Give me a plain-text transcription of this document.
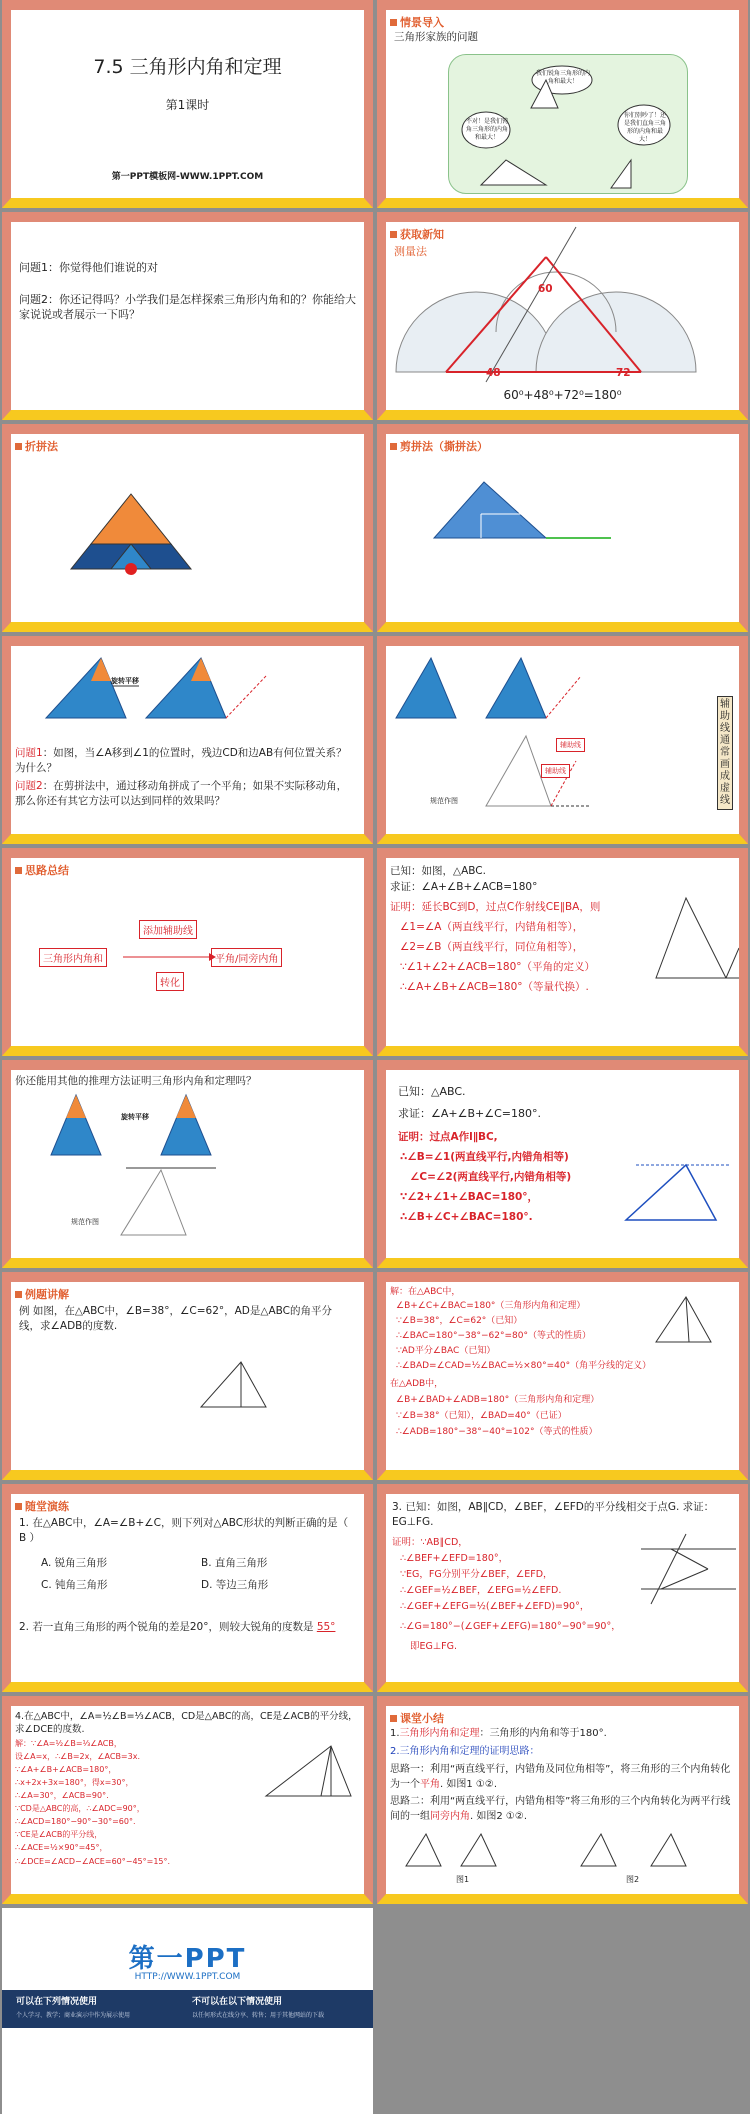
7.5 三角形内角和定理
第1课时
第一PPT模板网-WWW.1PPT.COM
情景导入
三角形家族的问题
我们锐角三角形的内角和最大！
不对！是我们钝角三角形的内角和最大！
你们别吵了！还是我们直角三角形的内角和最大！
问题1：你觉得他们谁说的对
问题2：你还记得吗？小学我们是怎样探索三角形内角和的？你能给大家说说或者展示一下吗？
获取新知
测量法
60
48	72
60⁰+48⁰+72⁰=180⁰
折拼法	剪拼法（撕拼法）
旋转平移
问题1：如图，当∠A移到∠1的位置时，残边CD和边AB有何位置关系？为什么？
问题2：在剪拼法中，通过移动角拼成了一个平角；如果不实际移动角，那么你还有其它方法可以达到同样的效果吗？
辅助线通常画成虚线
辅助线
辅助线
规范作图
思路总结
三角形内角和
添加辅助线
转化
平角/同旁内角
已知：如图，△ABC.
求证：∠A+∠B+∠ACB=180°
证明：延长BC到D，过点C作射线CE∥BA，则
∠1=∠A（两直线平行，内错角相等），
∠2=∠B（两直线平行，同位角相等），
∵∠1+∠2+∠ACB=180°（平角的定义）
∴∠A+∠B+∠ACB=180°（等量代换）.
你还能用其他的推理方法证明三角形内角和定理吗？
旋转平移
规范作图
已知：△ABC.
求证：∠A+∠B+∠C=180°.
证明：过点A作l∥BC,
∴∠B=∠1(两直线平行,内错角相等)
∠C=∠2(两直线平行,内错角相等)
∵∠2+∠1+∠BAC=180°，
∴∠B+∠C+∠BAC=180°.
例题讲解
例 如图，在△ABC中，∠B=38°，∠C=62°，AD是△ABC的角平分线，求∠ADB的度数.
解：在△ABC中，
∠B+∠C+∠BAC=180°（三角形内角和定理）
∵∠B=38°，∠C=62°（已知）
∴∠BAC=180°−38°−62°=80°（等式的性质）
∵AD平分∠BAC（已知）
∴∠BAD=∠CAD=½∠BAC=½×80°=40°（角平分线的定义）
在△ADB中，
∠B+∠BAD+∠ADB=180°（三角形内角和定理）
∵∠B=38°（已知），∠BAD=40°（已证）
∴∠ADB=180°−38°−40°=102°（等式的性质）
随堂演练
1. 在△ABC中，∠A=∠B+∠C，则下列对△ABC形状的判断正确的是（ B ）
A. 锐角三角形	B. 直角三角形
C. 钝角三角形	D. 等边三角形
2. 若一直角三角形的两个锐角的差是20°，则较大锐角的度数是 55°
3. 已知：如图，AB∥CD，∠BEF，∠EFD的平分线相交于点G. 求证：EG⊥FG.
证明：∵AB∥CD，
∴∠BEF+∠EFD=180°，
∵EG，FG分别平分∠BEF，∠EFD，
∴∠GEF=½∠BEF，∠EFG=½∠EFD.
∴∠GEF+∠EFG=½(∠BEF+∠EFD)=90°，
∴∠G=180°−(∠GEF+∠EFG)=180°−90°=90°，
即EG⊥FG.
4.在△ABC中，∠A=½∠B=⅓∠ACB，CD是△ABC的高，CE是∠ACB的平分线，求∠DCE的度数.
解：∵∠A=½∠B=⅓∠ACB，
设∠A=x，∴∠B=2x，∠ACB=3x.
∵∠A+∠B+∠ACB=180°，
∴x+2x+3x=180°，得x=30°，
∴∠A=30°，∠ACB=90°.
∵CD是△ABC的高，∴∠ADC=90°，
∴∠ACD=180°−90°−30°=60°.
∵CE是∠ACB的平分线，
∴∠ACE=½×90°=45°，
∴∠DCE=∠ACD−∠ACE=60°−45°=15°.
课堂小结
1.三角形内角和定理：三角形的内角和等于180°.
2.三角形内角和定理的证明思路：
思路一：利用“两直线平行，内错角及同位角相等”，将三角形的三个内角转化为一个平角. 如图1 ①②.
思路二：利用“两直线平行，内错角相等”将三角形的三个内角转化为两平行线间的一组同旁内角. 如图2 ①②.
图1	图2
第一PPT
HTTP://WWW.1PPT.COM
可以在下列情况使用	不可以在以下情况使用
个人学习、教学；商业演示中作为展示使用	以任何形式在线分享、转售；用于其他网站的下载
